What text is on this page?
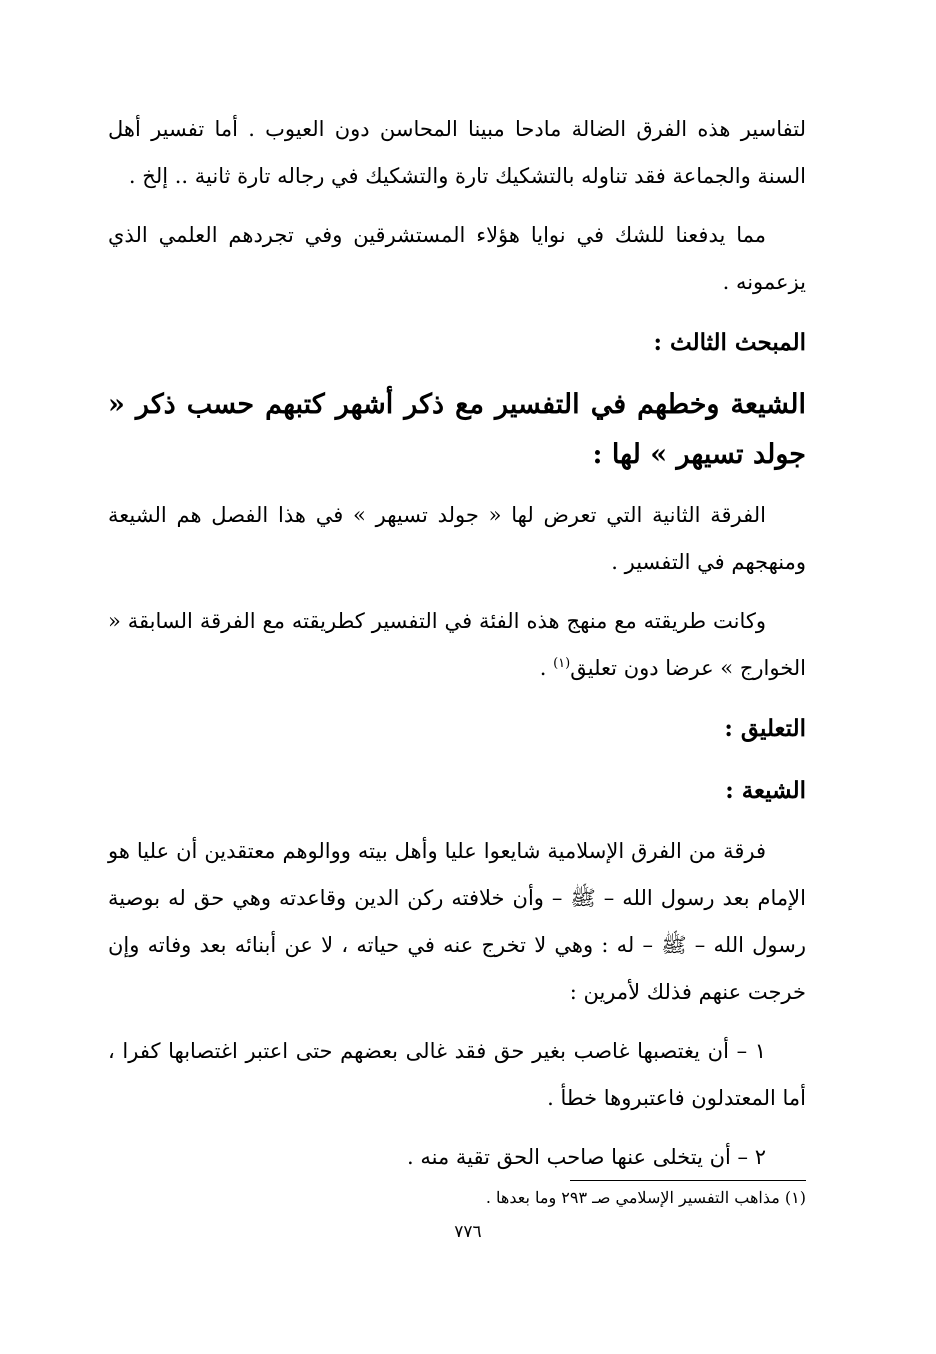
لتفاسير هذه الفرق الضالة مادحا مبينا المحاسن دون العيوب . أما تفسير أهل السنة والجماعة فقد تناوله بالتشكيك تارة والتشكيك في رجاله تارة ثانية .. إلخ .

مما يدفعنا للشك في نوايا هؤلاء المستشرقين وفي تجردهم العلمي الذي يزعمونه .

المبحث الثالث :

الشيعة وخطهم في التفسير مع ذكر أشهر كتبهم حسب ذكر « جولد تسيهر » لها :

الفرقة الثانية التي تعرض لها « جولد تسيهر » في هذا الفصل هم الشيعة ومنهجهم في التفسير .

وكانت طريقته مع منهج هذه الفئة في التفسير كطريقته مع الفرقة السابقة « الخوارج » عرضا دون تعليق$^{(١)}$ .

التعليق :

الشيعة :

فرقة من الفرق الإسلامية شايعوا عليا وأهل بيته ووالوهم معتقدين أن عليا هو الإمام بعد رسول الله – ﷺ – وأن خلافته ركن الدين وقاعدته وهي حق له بوصية رسول الله – ﷺ – له : وهي لا تخرج عنه في حياته ، لا عن أبنائه بعد وفاته وإن خرجت عنهم فذلك لأمرين :

١ – أن يغتصبها غاصب بغير حق فقد غالى بعضهم حتى اعتبر اغتصابها كفرا ، أما المعتدلون فاعتبروها خطأ .

٢ – أن يتخلى عنها صاحب الحق تقية منه .

(١) مذاهب التفسير الإسلامي صـ ٢٩٣ وما بعدها .
٧٧٦
